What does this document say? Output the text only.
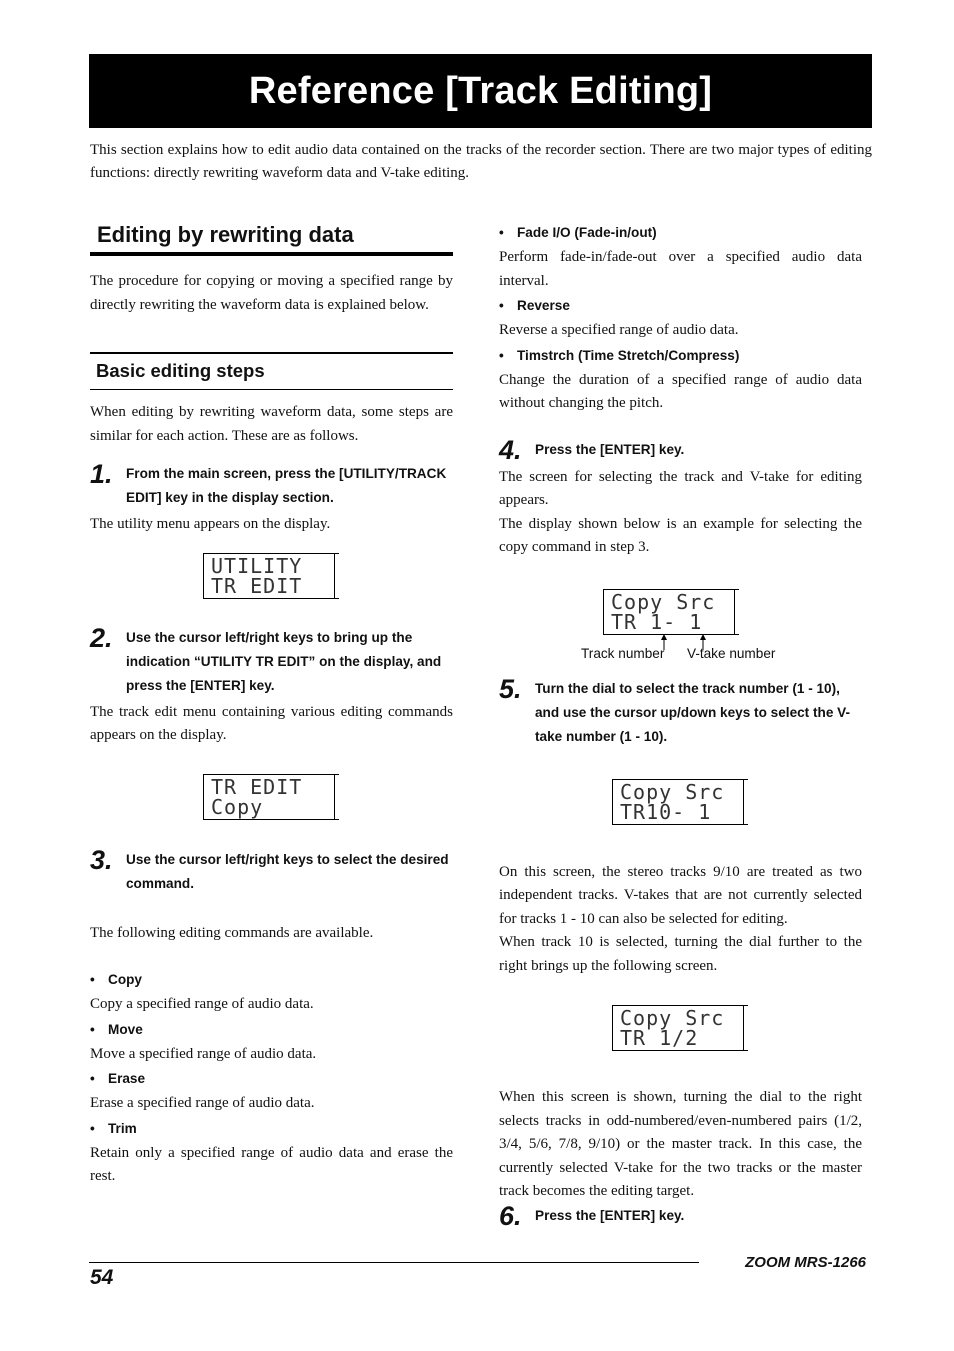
Reference [Track Editing]

This section explains how to edit audio data contained on the tracks of the recorder section. There are two major types of editing functions: directly rewriting waveform data and V-take editing.

Editing by rewriting data

The procedure for copying or moving a specified range by directly rewriting the waveform data is explained below.

Basic editing steps

When editing by rewriting waveform data, some steps are similar for each action. These are as follows.

1. From the main screen, press the [UTILITY/TRACK EDIT] key in the display section.

The utility menu appears on the display.

UTILITY
TR EDIT
2. Use the cursor left/right keys to bring up the indication “UTILITY TR EDIT” on the display, and press the [ENTER] key.

The track edit menu containing various editing commands appears on the display.

TR EDIT
Copy
3. Use the cursor left/right keys to select the desired command.

The following editing commands are available.

• Copy

Copy a specified range of audio data.

• Move

Move a specified range of audio data.

• Erase

Erase a specified range of audio data.

• Trim

Retain only a specified range of audio data and erase the rest.

• Fade I/O (Fade-in/out)

Perform fade-in/fade-out over a specified audio data interval.

• Reverse

Reverse a specified range of audio data.

• Timstrch (Time Stretch/Compress)

Change the duration of a specified range of audio data without changing the pitch.

4. Press the [ENTER] key.

The screen for selecting the track and V-take for editing appears.

The display shown below is an example for selecting the copy command in step 3.

Copy Src
TR 1- 1
Track number V-take number
5. Turn the dial to select the track number (1 - 10), and use the cursor up/down keys to select the V-take number (1 - 10).
Copy Src
TR10- 1

On this screen, the stereo tracks 9/10 are treated as two independent tracks. V-takes that are not currently selected for tracks 1 - 10 can also be selected for editing.

When track 10 is selected, turning the dial further to the right brings up the following screen.

Copy Src
TR 1/2

When this screen is shown, turning the dial to the right selects tracks in odd-numbered/even-numbered pairs (1/2, 3/4, 5/6, 7/8, 9/10) or the master track. In this case, the currently selected V-take for the two tracks or the master track becomes the editing target.

6. Press the [ENTER] key.
54
ZOOM MRS-1266
